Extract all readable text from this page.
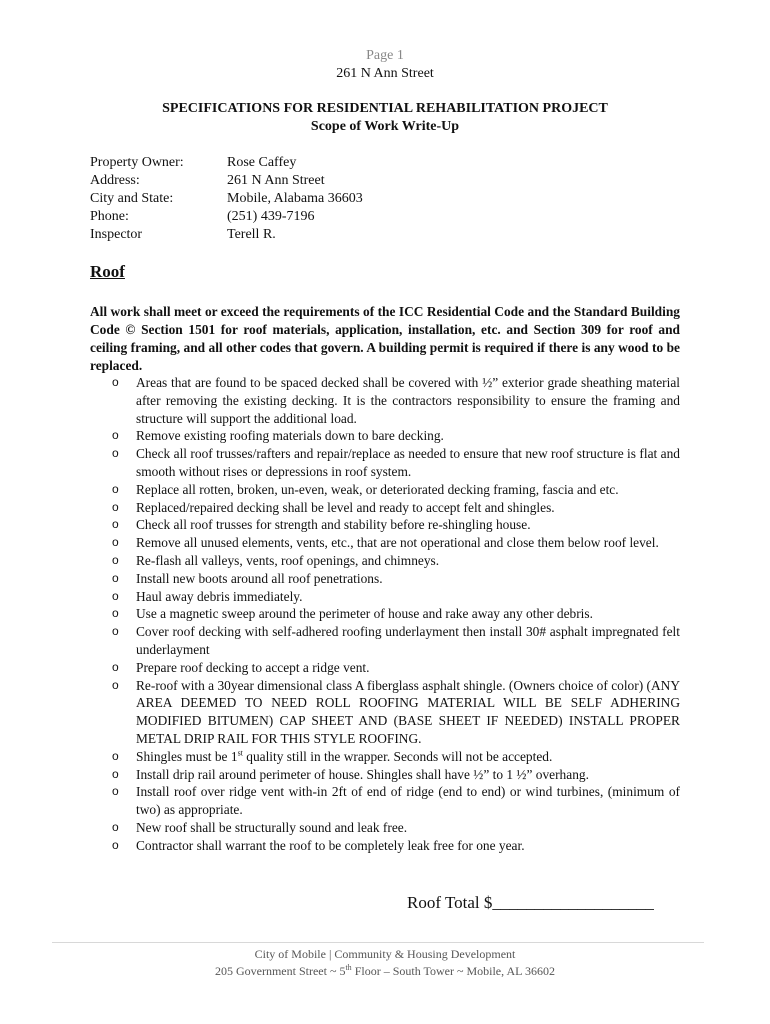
Page 1
261 N Ann Street
SPECIFICATIONS FOR RESIDENTIAL REHABILITATION PROJECT
Scope of Work Write-Up
Property Owner:	Rose Caffey
Address:	261 N Ann Street
City and State:	Mobile, Alabama 36603
Phone:	(251) 439-7196
Inspector	Terell R.
Roof
All work shall meet or exceed the requirements of the ICC Residential Code and the Standard Building Code © Section 1501 for roof materials, application, installation, etc. and Section 309 for roof and ceiling framing, and all other codes that govern. A building permit is required if there is any wood to be replaced.
o Areas that are found to be spaced decked shall be covered with ½” exterior grade sheathing material after removing the existing decking. It is the contractors responsibility to ensure the framing and structure will support the additional load.
o Remove existing roofing materials down to bare decking.
o Check all roof trusses/rafters and repair/replace as needed to ensure that new roof structure is flat and smooth without rises or depressions in roof system.
o Replace all rotten, broken, un-even, weak, or deteriorated decking framing, fascia and etc.
o Replaced/repaired decking shall be level and ready to accept felt and shingles.
o Check all roof trusses for strength and stability before re-shingling house.
o Remove all unused elements, vents, etc., that are not operational and close them below roof level.
o Re-flash all valleys, vents, roof openings, and chimneys.
o Install new boots around all roof penetrations.
o Haul away debris immediately.
o Use a magnetic sweep around the perimeter of house and rake away any other debris.
o Cover roof decking with self-adhered roofing underlayment then install 30# asphalt impregnated felt underlayment
o Prepare roof decking to accept a ridge vent.
o Re-roof with a 30year dimensional class A fiberglass asphalt shingle. (Owners choice of color) (ANY AREA DEEMED TO NEED ROLL ROOFING MATERIAL WILL BE SELF ADHERING MODIFIED BITUMEN) CAP SHEET AND (BASE SHEET IF NEEDED) INSTALL PROPER METAL DRIP RAIL FOR THIS STYLE ROOFING.
o Shingles must be 1st quality still in the wrapper. Seconds will not be accepted.
o Install drip rail around perimeter of house. Shingles shall have ½” to 1 ½” overhang.
o Install roof over ridge vent with-in 2ft of end of ridge (end to end) or wind turbines, (minimum of two) as appropriate.
o New roof shall be structurally sound and leak free.
o Contractor shall warrant the roof to be completely leak free for one year.
Roof Total $___________________
City of Mobile | Community & Housing Development
205 Government Street ~ 5th Floor – South Tower ~ Mobile, AL 36602
